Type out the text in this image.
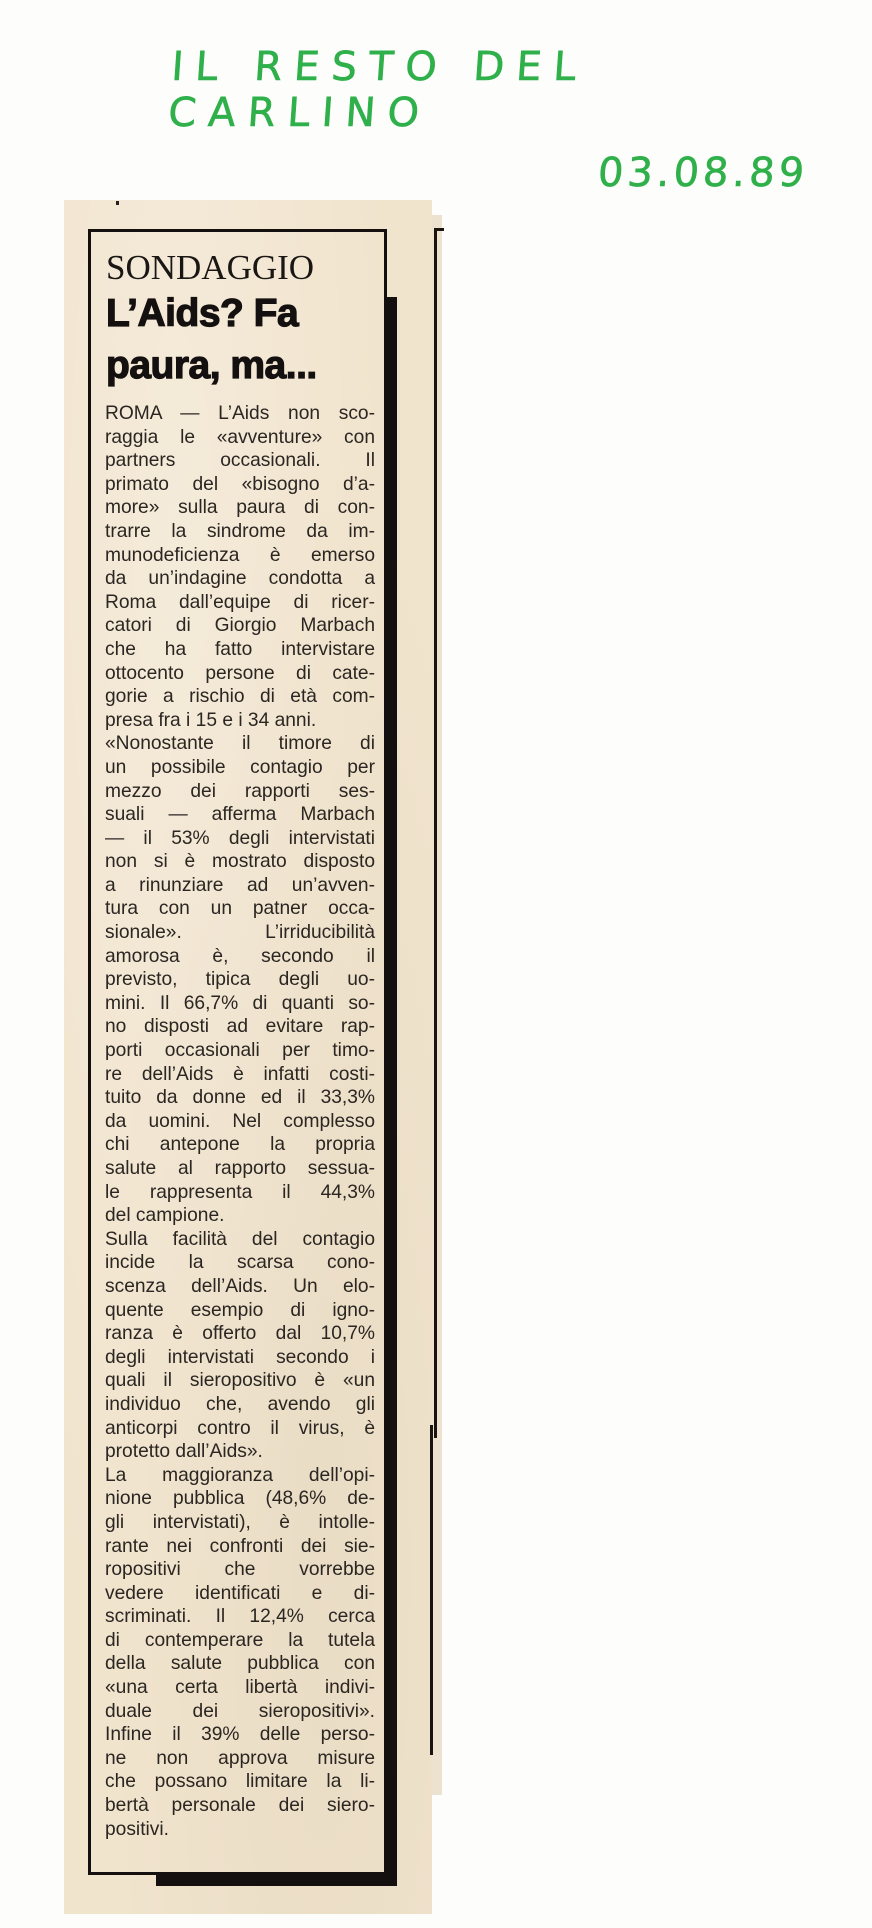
IL RESTO DEL CARLINO
03.08.89
SONDAGGIO
L’Aids? Fa
paura, ma...
ROMA — L’Aids non sco-
raggia le «avventure» con
partners occasionali. Il
primato del «bisogno d’a-
more» sulla paura di con-
trarre la sindrome da im-
munodeficienza è emerso
da un’indagine condotta a
Roma dall’equipe di ricer-
catori di Giorgio Marbach
che ha fatto intervistare
ottocento persone di cate-
gorie a rischio di età com-
presa fra i 15 e i 34 anni.
«Nonostante il timore di
un possibile contagio per
mezzo dei rapporti ses-
suali — afferma Marbach
— il 53% degli intervistati
non si è mostrato disposto
a rinunziare ad un’avven-
tura con un patner occa-
sionale». L’irriducibilità
amorosa è, secondo il
previsto, tipica degli uo-
mini. Il 66,7% di quanti so-
no disposti ad evitare rap-
porti occasionali per timo-
re dell’Aids è infatti costi-
tuito da donne ed il 33,3%
da uomini. Nel complesso
chi antepone la propria
salute al rapporto sessua-
le rappresenta il 44,3%
del campione.
Sulla facilità del contagio
incide la scarsa cono-
scenza dell’Aids. Un elo-
quente esempio di igno-
ranza è offerto dal 10,7%
degli intervistati secondo i
quali il sieropositivo è «un
individuo che, avendo gli
anticorpi contro il virus, è
protetto dall’Aids».
La maggioranza dell’opi-
nione pubblica (48,6% de-
gli intervistati), è intolle-
rante nei confronti dei sie-
ropositivi che vorrebbe
vedere identificati e di-
scriminati. Il 12,4% cerca
di contemperare la tutela
della salute pubblica con
«una certa libertà indivi-
duale dei sieropositivi».
Infine il 39% delle perso-
ne non approva misure
che possano limitare la li-
bertà personale dei siero-
positivi.
